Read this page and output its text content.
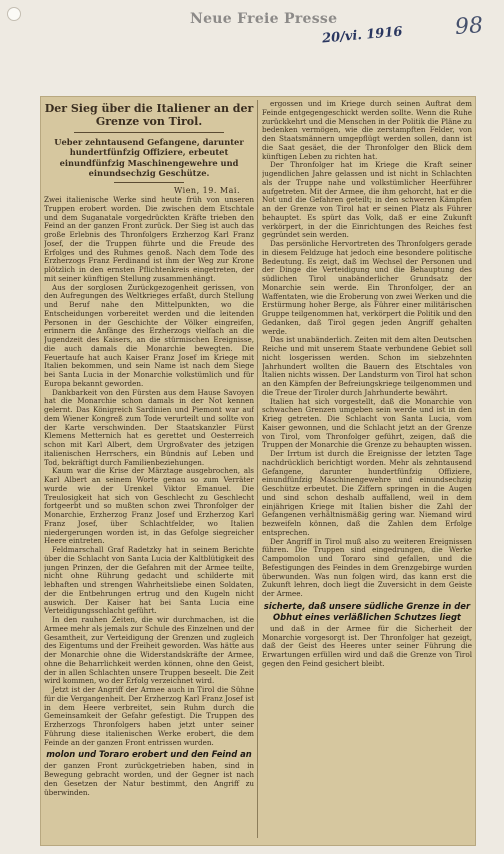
Neue Freie Presse
20/vi. 1916 98
Der Sieg über die Italiener an der Grenze von Tirol.
Ueber zehntausend Gefangene, darunter hundertfünfzig Offiziere, erbeutet einundfünfzig Maschinengewehre und einundsechzig Geschütze.
Wien, 19. Mai.

Zwei italienische Werke sind heute früh von unseren Truppen erobert worden. Die zwischen dem Etschtale und dem Suganatale vorgedrückten Kräfte trieben den Feind an der ganzen Front zurück. Der Sieg ist auch das große Erlebnis des Thronfolgers Erzherzog Karl Franz Josef, der die Truppen führte und die Freude des Erfolges und des Ruhmes genoß. Nach dem Tode des Erzherzogs Franz Ferdinand ist ihm der Weg zur Krone plötzlich in den ernsten Pflichtenkreis eingetreten, der mit seiner künftigen Stellung zusammenhängt.

Aus der sorglosen Zurückgezogenheit gerissen, von den Aufregungen des Weltkrieges erfaßt, durch Stellung und Beruf nahe den Mittelpunkten, wo die Entscheidungen vorbereitet werden und die leitenden Personen in der Geschichte der Völker eingreifen, erinnern die Anfänge des Erzherzogs vielfach an die Jugendzeit des Kaisers, an die stürmischen Ereignisse, die auch damals die Monarchie bewegten. Die Feuertaufe hat auch Kaiser Franz Josef im Kriege mit Italien bekommen, und sein Name ist nach dem Siege bei Santa Lucia in der Monarchie volkstümlich und für Europa bekannt geworden.

Dankbarkeit von den Fürsten aus dem Hause Savoyen hat die Monarchie schon damals in der Not kennen gelernt. Das Königreich Sardinien und Piemont war auf dem Wiener Kongreß zum Tode verurteilt und sollte von der Karte verschwinden. Der Staatskanzler Fürst Klemens Metternich hat es gerettet und Oesterreich schon mit Karl Albert, dem Urgroßvater des jetzigen italienischen Herrschers, ein Bündnis auf Leben und Tod, bekräftigt durch Familienbeziehungen.

Kaum war die Krise der Märztage ausgebrochen, als Karl Albert an seinem Worte genau so zum Verräter wurde wie der Urenkel Viktor Emanuel. Die Treulosigkeit hat sich von Geschlecht zu Geschlecht fortgeerbt und so mußten schon zwei Thronfolger der Monarchie, Erzherzog Franz Josef und Erzherzog Karl Franz Josef, über Schlachtfelder, wo Italien niedergerungen worden ist, in das Gefolge siegreicher Heere eintreten.

Feldmarschall Graf Radetzky hat in seinem Berichte über die Schlacht von Santa Lucia der Kaltblütigkeit des jungen Prinzen, der die Gefahren mit der Armee teilte, nicht ohne Rührung gedacht und schilderte mit lebhaften und strengen Wahrheitsliebe einen Soldaten, der die Entbehrungen ertrug und den Kugeln nicht auswich. Der Kaiser hat bei Santa Lucia eine Verteidigungsschlacht geführt.

In den rauhen Zeiten, die wir durchmachen, ist die Armee mehr als jemals zur Schule des Einzelnen und der Gesamtheit, zur Verteidigung der Grenzen und zugleich des Eigentums und der Freiheit geworden. Was hätte aus der Monarchie ohne die Widerstandskräfte der Armee, ohne die Beharrlichkeit werden können, ohne den Geist, der in allen Schlachten unsere Truppen beseelt. Die Zeit wird kommen, wo der Erfolg verzeichnet wird.

Jetzt ist der Angriff der Armee auch in Tirol die Sühne für die Vergangenheit. Der Erzherzog Karl Franz Josef ist in dem Heere verbreitet, sein Ruhm durch die Gemeinsamkeit der Gefahr gefestigt. Die Truppen des Erzherzogs Thronfolgers haben jetzt unter seiner Führung diese italienischen Werke erobert, die dem Feinde an der ganzen Front entrissen wurden.

molon und Toraro erobert und den Feind an

der ganzen Front zurückgetrieben haben, sind in Bewegung gebracht worden, und der Gegner ist nach den Gesetzen der Natur bestimmt, den Angriff zu überwinden.

ergossen und im Kriege durch seinen Auftrat dem Feinde entgegengeschickt werden sollte. Wenn die Ruhe zurückkehrt und die Menschen in der Politik die Pläne zu bedenken vermögen, wie die zerstampften Felder, von den Staatsmännern umgepflügt werden sollen, dann ist die Saat gesäet, die der Thronfolger den Blick dem künftigen Leben zu richten hat.

Der Thronfolger hat im Kriege die Kraft seiner jugendlichen Jahre gelassen und ist nicht in Schlachten als der Truppe nahe und volkstümlicher Heerführer aufgetreten. Mit der Armee, die ihm gehorcht, hat er die Not und die Gefahren geteilt; in den schweren Kämpfen an der Grenze von Tirol hat er seinen Platz als Führer behauptet. Es spürt das Volk, daß er eine Zukunft verkörpert, in der die Einrichtungen des Reiches fest gegründet sein werden.

Das persönliche Hervortreten des Thronfolgers gerade in diesem Feldzuge hat jedoch eine besondere politische Bedeutung. Es zeigt, daß im Wechsel der Personen und der Dinge die Verteidigung und die Behauptung des südlichen Tirol unabänderlicher Grundsatz der Monarchie sein werde. Ein Thronfolger, der an Waffentaten, wie die Eroberung von zwei Werken und die Erstürmung hoher Berge, als Führer einer militärischen Gruppe teilgenommen hat, verkörpert die Politik und den Gedanken, daß Tirol gegen jeden Angriff gehalten werde.

Das ist unabänderlich. Zeiten mit dem alten Deutschen Reiche und mit unserem Staate verbundene Gebiet soll nicht losgerissen werden. Schon im siebzehnten Jahrhundert wollten die Bauern des Etschtales von Italien nichts wissen. Der Landsturm von Tirol hat schon an den Kämpfen der Befreiungskriege teilgenommen und die Treue der Tiroler durch Jahrhunderte bewährt.

Italien hat sich vorgestellt, daß die Monarchie von schwachen Grenzen umgeben sein werde und ist in den Krieg getreten. Die Schlacht von Santa Lucia, vom Kaiser gewonnen, und die Schlacht jetzt an der Grenze von Tirol, vom Thronfolger geführt, zeigen, daß die Truppen der Monarchie die Grenze zu behaupten wissen.

Der Irrtum ist durch die Ereignisse der letzten Tage nachdrücklich berichtigt worden. Mehr als zehntausend Gefangene, darunter hundertfünfzig Offiziere, einundfünfzig Maschinengewehre und einundsechzig Geschütze erbeutet. Die Ziffern springen in die Augen und sind schon deshalb auffallend, weil in dem einjährigen Kriege mit Italien bisher die Zahl der Gefangenen verhältnismäßig gering war. Niemand wird bezweifeln können, daß die Zahlen dem Erfolge entsprechen.

Der Angriff in Tirol muß also zu weiteren Ereignissen führen. Die Truppen sind eingedrungen, die Werke Campomolon und Toraro sind gefallen, und die Befestigungen des Feindes in dem Grenzgebirge wurden überwunden. Was nun folgen wird, das kann erst die Zukunft lehren, doch liegt die Zuversicht in dem Geiste der Armee.

sicherte, daß unsere südliche Grenze in der Obhut eines verläßlichen Schutzes liegt

und daß in der Armee für die Sicherheit der Monarchie vorgesorgt ist. Der Thronfolger hat gezeigt, daß der Geist des Heeres unter seiner Führung die Erwartungen erfüllen wird und daß die Grenze von Tirol gegen den Feind gesichert bleibt.
